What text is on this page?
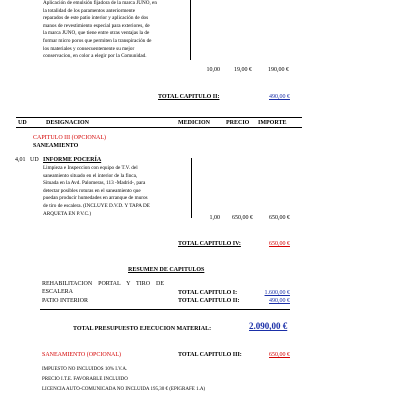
Aplicación de emulsión fijadora de la marca JUNO, en
la totalidad de los paramentos anteriormente
reparados de este patio interior y aplicación de dos
manos de revestimiento especial para exteriores, de
la marca JUNO, que tiene entre otras ventajas la de
formar micro poros que permiten la transpiración de
los materiales y consecuentemente su mejor
conservacion, en color a elegir por la Comunidad.
10,00	19,00 €	190,00 €
TOTAL CAPITULO II:	490,00 €
UD	DESIGNACION	MEDICION	PRECIO IMPORTE
CAPITULO III (OPCIONAL)
SANEAMIENTO
4,01 UD INFORME POCERÍA
Limpieza e Inspeccion con equipo de T.V. del
saneamiento situado en el interior de la finca,
Situada en la Avd. Palomeras, 113 -Madrid-, para
detectar posibles roturas en el saneamiento que
puedan producir humedades en arranque de muros
de tiro de escalera. (INCLUYE D.V.D. Y TAPA DE
ARQUETA EN P.V.C.)
1,00	650,00 €	650,00 €
TOTAL CAPITULO IV:	650,00 €
RESUMEN DE CAPITULOS
REHABILITACION PORTAL Y TIRO DE
ESCALERA	TOTAL CAPITULO I:	1.600,00 €
PATIO INTERIOR	TOTAL CAPITULO II:	490,00 €
TOTAL PRESUPUESTO EJECUCION MATERIAL:	2.090,00 €
SANEAMIENTO (OPCIONAL)	TOTAL CAPITULO III:	650,00 €
IMPUESTO NO INCLUIDOS 10% I.V.A.
PRECIO I.T.E. FAVORABLE INCLUIDO
LICENCIA AUTO-COMUNICADA NO INCLUIDA 195,30 € (EPIGRAFE 1.A)
